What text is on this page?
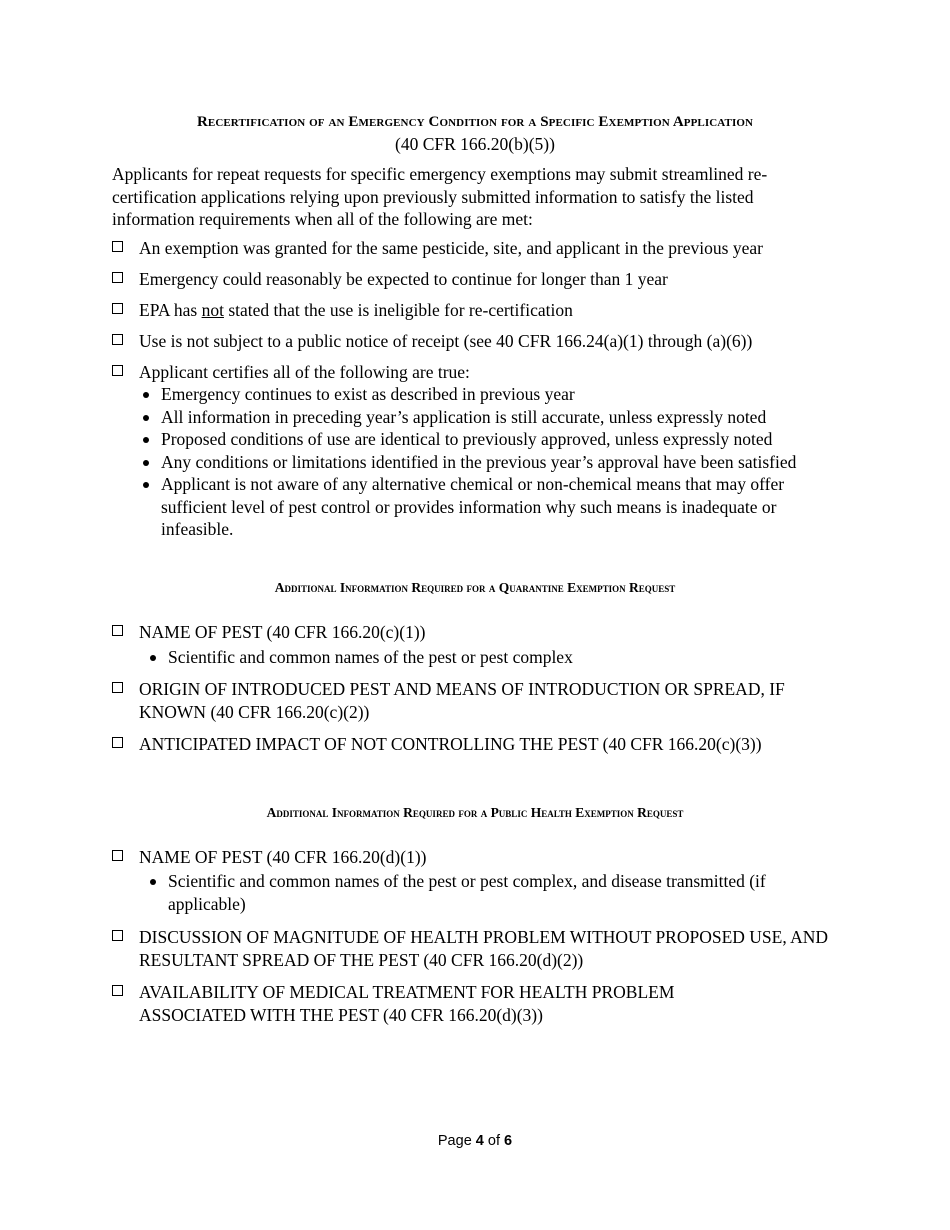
Recertification of an Emergency Condition for a Specific Exemption Application
(40 CFR 166.20(b)(5))
Applicants for repeat requests for specific emergency exemptions may submit streamlined re-certification applications relying upon previously submitted information to satisfy the listed information requirements when all of the following are met:
An exemption was granted for the same pesticide, site, and applicant in the previous year
Emergency could reasonably be expected to continue for longer than 1 year
EPA has not stated that the use is ineligible for re-certification
Use is not subject to a public notice of receipt (see 40 CFR 166.24(a)(1) through (a)(6))
Applicant certifies all of the following are true:
Emergency continues to exist as described in previous year
All information in preceding year’s application is still accurate, unless expressly noted
Proposed conditions of use are identical to previously approved, unless expressly noted
Any conditions or limitations identified in the previous year’s approval have been satisfied
Applicant is not aware of any alternative chemical or non-chemical means that may offer sufficient level of pest control or provides information why such means is inadequate or infeasible.
Additional Information Required for a Quarantine Exemption Request
NAME OF PEST (40 CFR 166.20(c)(1))
Scientific and common names of the pest or pest complex
ORIGIN OF INTRODUCED PEST AND MEANS OF INTRODUCTION OR SPREAD, IF KNOWN (40 CFR 166.20(c)(2))
ANTICIPATED IMPACT OF NOT CONTROLLING THE PEST (40 CFR 166.20(c)(3))
Additional Information Required for a Public Health Exemption Request
NAME OF PEST (40 CFR 166.20(d)(1))
Scientific and common names of the pest or pest complex, and disease transmitted (if applicable)
DISCUSSION OF MAGNITUDE OF HEALTH PROBLEM WITHOUT PROPOSED USE, AND RESULTANT SPREAD OF THE PEST (40 CFR 166.20(d)(2))
AVAILABILITY OF MEDICAL TREATMENT FOR HEALTH PROBLEM ASSOCIATED WITH THE PEST (40 CFR 166.20(d)(3))
Page 4 of 6
